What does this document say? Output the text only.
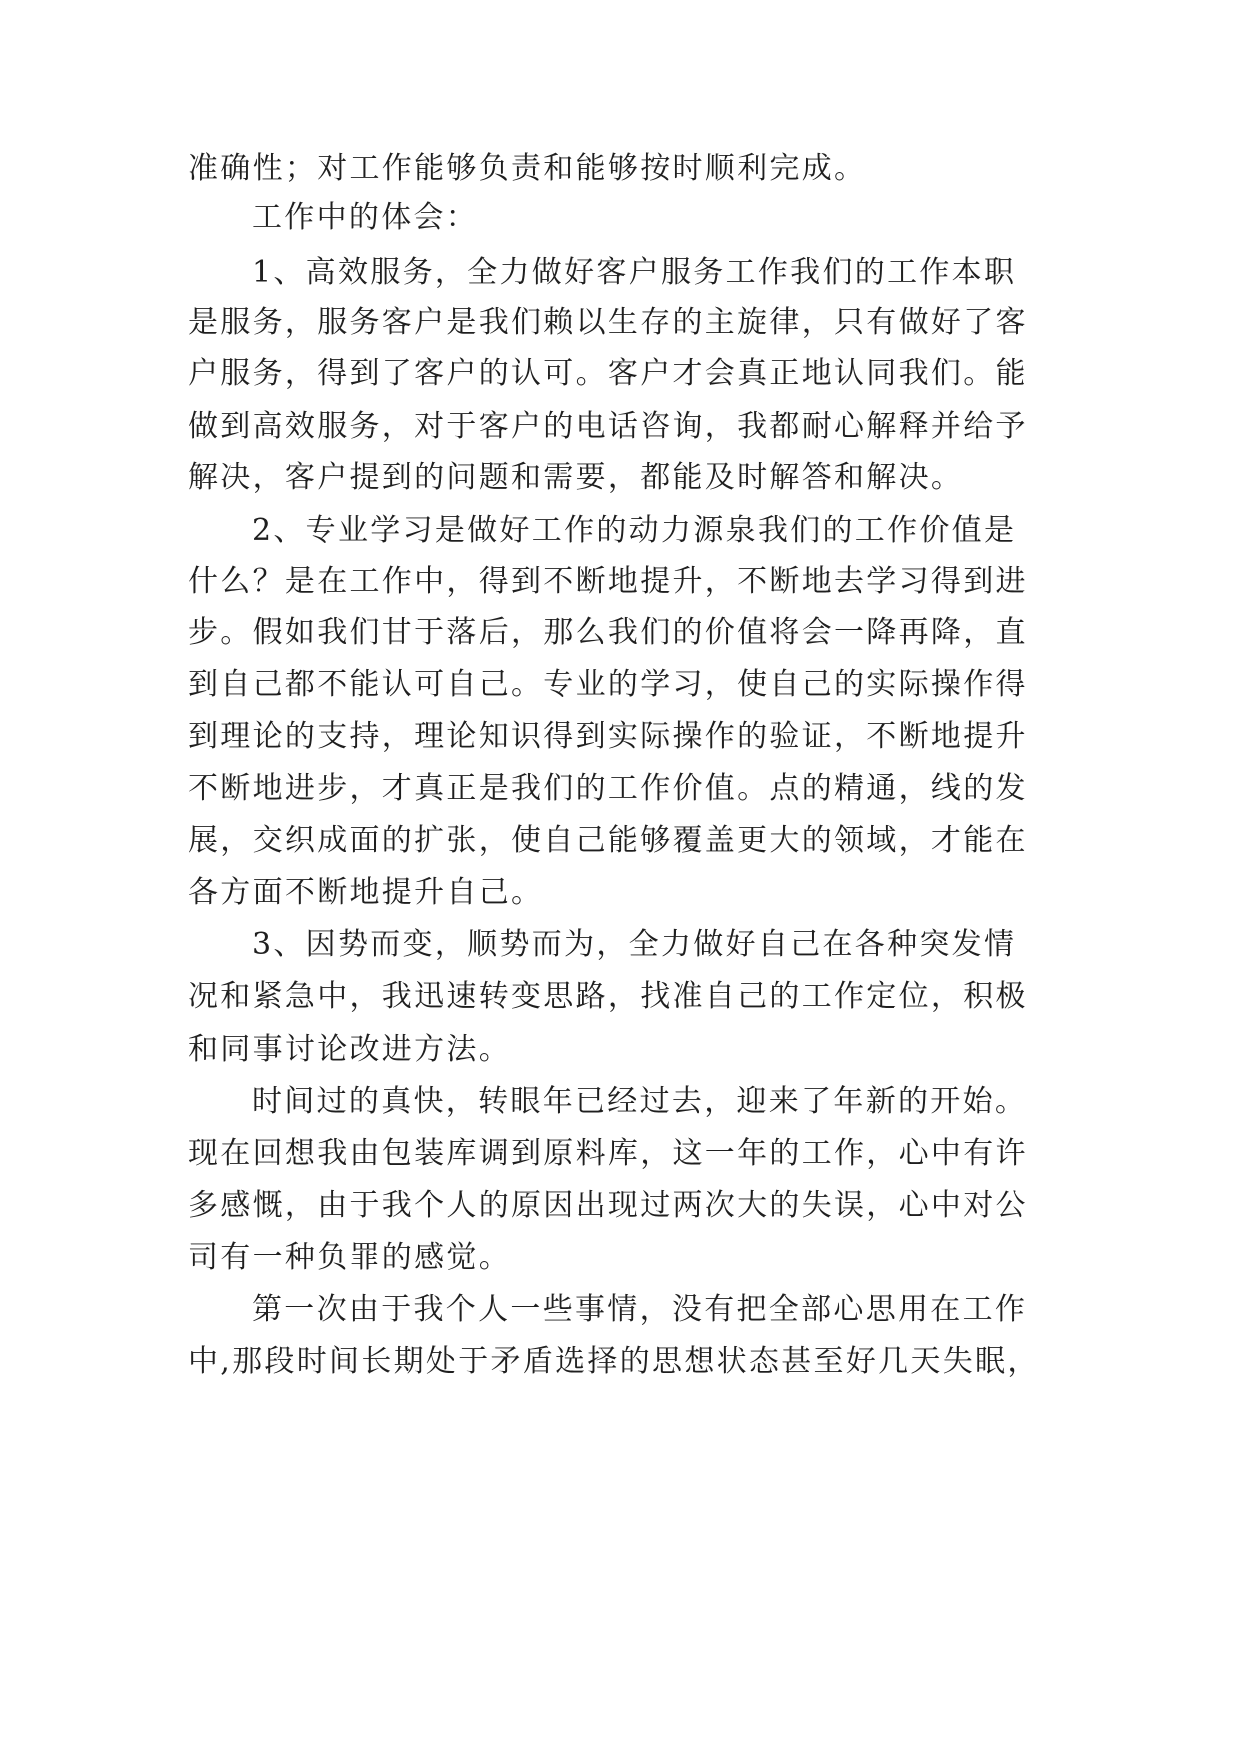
准确性；对工作能够负责和能够按时顺利完成。
工作中的体会：
1、高效服务，全力做好客户服务工作我们的工作本职
是服务，服务客户是我们赖以生存的主旋律，只有做好了客
户服务，得到了客户的认可。客户才会真正地认同我们。能
做到高效服务，对于客户的电话咨询，我都耐心解释并给予
解决，客户提到的问题和需要，都能及时解答和解决。
2、专业学习是做好工作的动力源泉我们的工作价值是
什么？是在工作中，得到不断地提升，不断地去学习得到进
步。假如我们甘于落后，那么我们的价值将会一降再降，直
到自己都不能认可自己。专业的学习，使自己的实际操作得
到理论的支持，理论知识得到实际操作的验证，不断地提升
不断地进步，才真正是我们的工作价值。点的精通，线的发
展，交织成面的扩张，使自己能够覆盖更大的领域，才能在
各方面不断地提升自己。
3、因势而变，顺势而为，全力做好自己在各种突发情
况和紧急中，我迅速转变思路，找准自己的工作定位，积极
和同事讨论改进方法。
时间过的真快，转眼年已经过去，迎来了年新的开始。
现在回想我由包装库调到原料库，这一年的工作，心中有许
多感慨，由于我个人的原因出现过两次大的失误，心中对公
司有一种负罪的感觉。
第一次由于我个人一些事情，没有把全部心思用在工作
中,那段时间长期处于矛盾选择的思想状态甚至好几天失眠，
